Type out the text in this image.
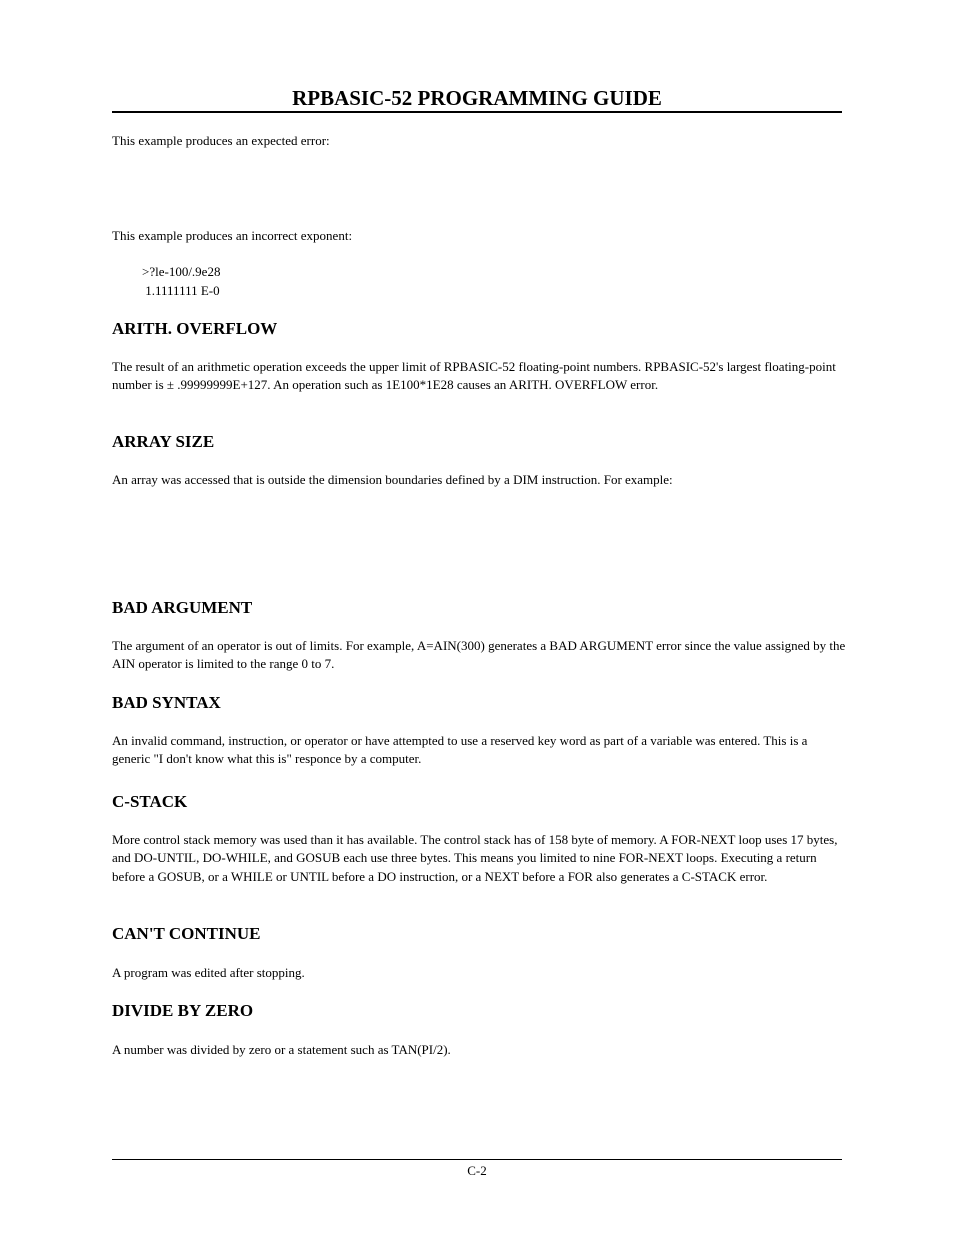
RPBASIC-52 PROGRAMMING GUIDE

This example produces an expected error:

This example produces an incorrect exponent:

>?le-100/.9e28

1.1111111 E-0

ARITH. OVERFLOW

The result of an arithmetic operation exceeds the upper limit of RPBASIC-52 floating-point numbers. RPBASIC-52's largest floating-point number is ± .99999999E+127. An operation such as 1E100*1E28 causes an ARITH. OVERFLOW error.

ARRAY SIZE

An array was accessed that is outside the dimension boundaries defined by a DIM instruction. For example:

BAD ARGUMENT

The argument of an operator is out of limits. For example, A=AIN(300) generates a BAD ARGUMENT error since the value assigned by the AIN operator is limited to the range 0 to 7.

BAD SYNTAX

An invalid command, instruction, or operator or have attempted to use a reserved key word as part of a variable was entered. This is a generic "I don't know what this is" responce by a computer.

C-STACK

More control stack memory was used than it has available. The control stack has of 158 byte of memory. A FOR-NEXT loop uses 17 bytes, and DO-UNTIL, DO-WHILE, and GOSUB each use three bytes. This means you limited to nine FOR-NEXT loops. Executing a return before a GOSUB, or a WHILE or UNTIL before a DO instruction, or a NEXT before a FOR also generates a C-STACK error.

CAN'T CONTINUE

A program was edited after stopping.

DIVIDE BY ZERO

A number was divided by zero or a statement such as TAN(PI/2).

C-2
